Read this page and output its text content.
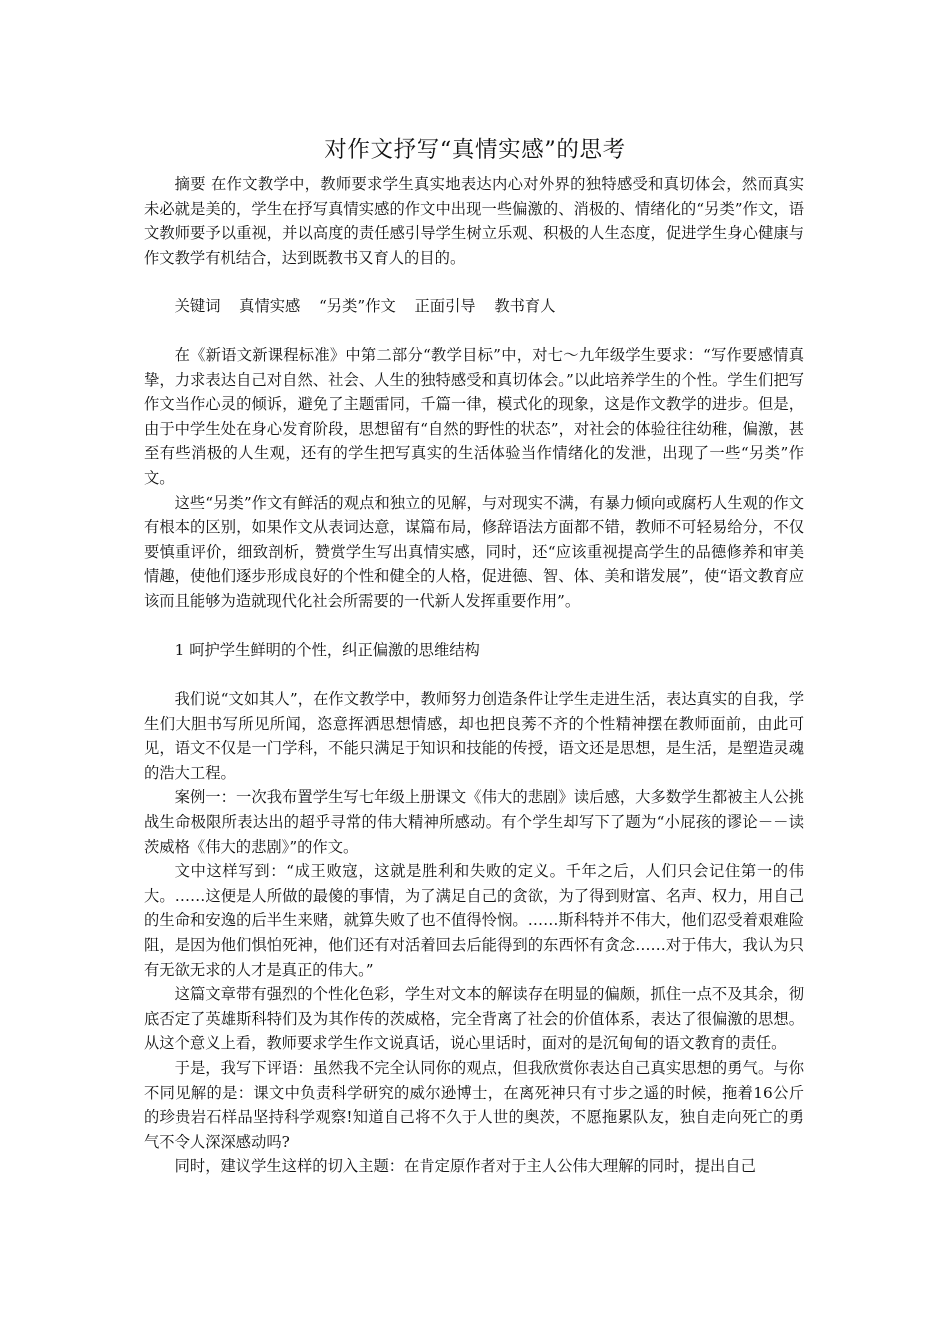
对作文抒写“真情实感”的思考

摘要 在作文教学中，教师要求学生真实地表达内心对外界的独特感受和真切体会，然而真实未必就是美的，学生在抒写真情实感的作文中出现一些偏激的、消极的、情绪化的“另类”作文，语文教师要予以重视，并以高度的责任感引导学生树立乐观、积极的人生态度，促进学生身心健康与作文教学有机结合，达到既教书又育人的目的。

关键词 真情实感 “另类”作文 正面引导 教书育人

在《新语文新课程标准》中第二部分“教学目标”中，对七～九年级学生要求：“写作要感情真挚，力求表达自己对自然、社会、人生的独特感受和真切体会。”以此培养学生的个性。学生们把写作文当作心灵的倾诉，避免了主题雷同，千篇一律，模式化的现象，这是作文教学的进步。但是，由于中学生处在身心发育阶段，思想留有“自然的野性的状态”，对社会的体验往往幼稚，偏激，甚至有些消极的人生观，还有的学生把写真实的生活体验当作情绪化的发泄，出现了一些“另类”作文。

这些“另类”作文有鲜活的观点和独立的见解，与对现实不满，有暴力倾向或腐朽人生观的作文有根本的区别，如果作文从表词达意，谋篇布局，修辞语法方面都不错，教师不可轻易给分，不仅要慎重评价，细致剖析，赞赏学生写出真情实感，同时，还“应该重视提高学生的品德修养和审美情趣，使他们逐步形成良好的个性和健全的人格，促进德、智、体、美和谐发展”，使“语文教育应该而且能够为造就现代化社会所需要的一代新人发挥重要作用”。

1 呵护学生鲜明的个性，纠正偏激的思维结构

我们说“文如其人”，在作文教学中，教师努力创造条件让学生走进生活，表达真实的自我，学生们大胆书写所见所闻，恣意挥洒思想情感，却也把良莠不齐的个性精神摆在教师面前，由此可见，语文不仅是一门学科，不能只满足于知识和技能的传授，语文还是思想，是生活，是塑造灵魂的浩大工程。

案例一：一次我布置学生写七年级上册课文《伟大的悲剧》读后感，大多数学生都被主人公挑战生命极限所表达出的超乎寻常的伟大精神所感动。有个学生却写下了题为“小屁孩的谬论－－读茨威格《伟大的悲剧》”的作文。

文中这样写到：“成王败寇，这就是胜利和失败的定义。千年之后，人们只会记住第一的伟大。……这便是人所做的最傻的事情，为了满足自己的贪欲，为了得到财富、名声、权力，用自己的生命和安逸的后半生来赌，就算失败了也不值得怜悯。……斯科特并不伟大，他们忍受着艰难险阻，是因为他们惧怕死神，他们还有对活着回去后能得到的东西怀有贪念……对于伟大，我认为只有无欲无求的人才是真正的伟大。”

这篇文章带有强烈的个性化色彩，学生对文本的解读存在明显的偏颇，抓住一点不及其余，彻底否定了英雄斯科特们及为其作传的茨威格，完全背离了社会的价值体系，表达了很偏激的思想。从这个意义上看，教师要求学生作文说真话，说心里话时，面对的是沉甸甸的语文教育的责任。

于是，我写下评语：虽然我不完全认同你的观点，但我欣赏你表达自己真实思想的勇气。与你不同见解的是：课文中负责科学研究的威尔逊博士，在离死神只有寸步之遥的时候，拖着16公斤的珍贵岩石样品坚持科学观察!知道自己将不久于人世的奥茨，不愿拖累队友，独自走向死亡的勇气不令人深深感动吗?

同时，建议学生这样的切入主题：在肯定原作者对于主人公伟大理解的同时，提出自己
